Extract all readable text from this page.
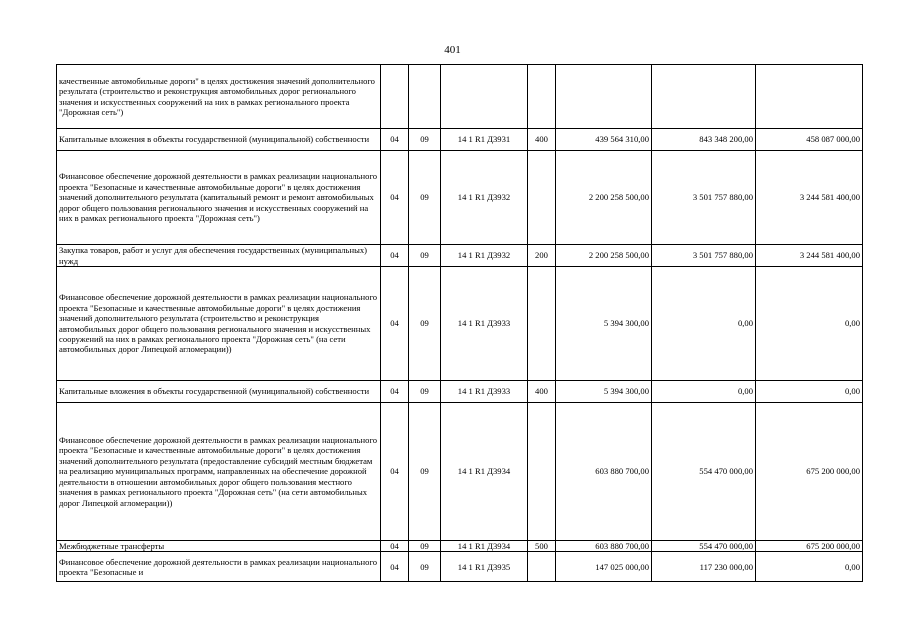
401
качественные автомобильные дороги" в целях достижения значений дополнительного результата (строительство и реконструкция автомобильных дорог регионального значения и искусственных сооружений на них в рамках регионального проекта "Дорожная сеть")							
Капитальные вложения в объекты государственной (муниципальной) собственности	04	09	14 1 R1 Д3931	400	439 564 310,00	843 348 200,00	458 087 000,00
Финансовое обеспечение дорожной деятельности в рамках реализации национального проекта "Безопасные и качественные автомобильные дороги" в целях достижения значений дополнительного результата (капитальный ремонт и ремонт автомобильных дорог общего пользования регионального значения и искусственных сооружений на них в рамках регионального проекта "Дорожная сеть")	04	09	14 1 R1 Д3932		2 200 258 500,00	3 501 757 880,00	3 244 581 400,00
Закупка товаров, работ и услуг для обеспечения государственных (муниципальных) нужд	04	09	14 1 R1 Д3932	200	2 200 258 500,00	3 501 757 880,00	3 244 581 400,00
Финансовое обеспечение дорожной деятельности в рамках реализации национального проекта "Безопасные и качественные автомобильные дороги" в целях достижения значений дополнительного результата (строительство и реконструкция автомобильных дорог общего пользования регионального значения и искусственных сооружений на них в рамках регионального проекта "Дорожная сеть" (на сети автомобильных дорог Липецкой агломерации))	04	09	14 1 R1 Д3933		5 394 300,00	0,00	0,00
Капитальные вложения в объекты государственной (муниципальной) собственности	04	09	14 1 R1 Д3933	400	5 394 300,00	0,00	0,00
Финансовое обеспечение дорожной деятельности в рамках реализации национального проекта "Безопасные и качественные автомобильные дороги" в целях достижения значений дополнительного результата (предоставление субсидий местным бюджетам на реализацию муниципальных программ, направленных на обеспечение дорожной деятельности в отношении автомобильных дорог общего пользования местного значения в рамках регионального проекта "Дорожная сеть" (на сети автомобильных дорог Липецкой агломерации))	04	09	14 1 R1 Д3934		603 880 700,00	554 470 000,00	675 200 000,00
Межбюджетные трансферты	04	09	14 1 R1 Д3934	500	603 880 700,00	554 470 000,00	675 200 000,00
Финансовое обеспечение дорожной деятельности в рамках реализации национального проекта "Безопасные и	04	09	14 1 R1 Д3935		147 025 000,00	117 230 000,00	0,00
